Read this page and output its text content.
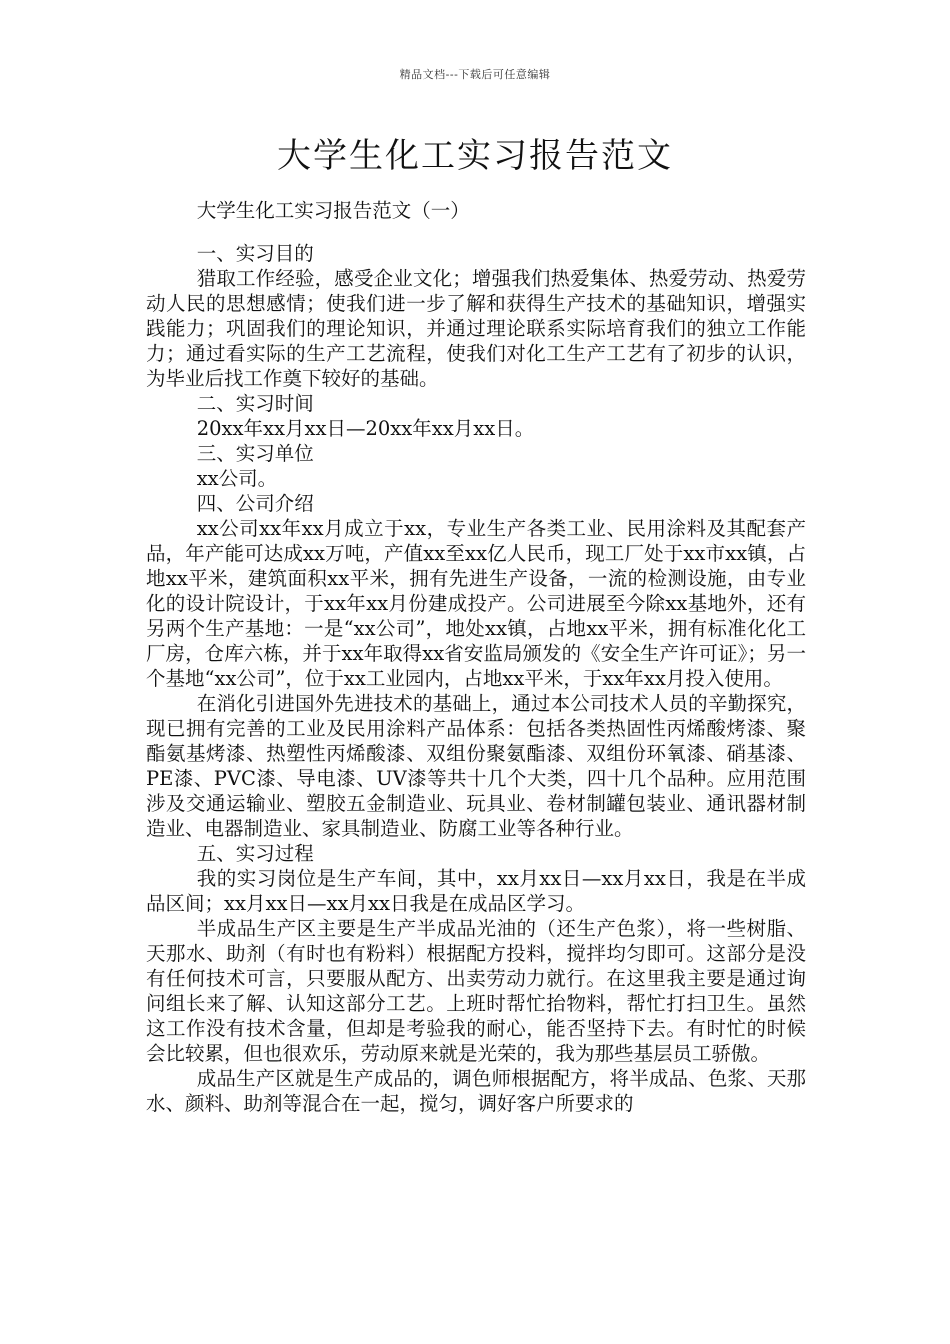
精品文档---下载后可任意编辑
大学生化工实习报告范文

大学生化工实习报告范文（一）

一、实习目的

猎取工作经验，感受企业文化；增强我们热爱集体、热爱劳动、热爱劳动人民的思想感情；使我们进一步了解和获得生产技术的基础知识，增强实践能力；巩固我们的理论知识，并通过理论联系实际培育我们的独立工作能力；通过看实际的生产工艺流程，使我们对化工生产工艺有了初步的认识，为毕业后找工作奠下较好的基础。

二、实习时间

20xx年xx月xx日—20xx年xx月xx日。

三、实习单位

xx公司。

四、公司介绍

xx公司xx年xx月成立于xx，专业生产各类工业、民用涂料及其配套产品，年产能可达成xx万吨，产值xx至xx亿人民币，现工厂处于xx市xx镇，占地xx平米，建筑面积xx平米，拥有先进生产设备，一流的检测设施，由专业化的设计院设计，于xx年xx月份建成投产。公司进展至今除xx基地外，还有另两个生产基地：一是“xx公司”，地处xx镇，占地xx平米，拥有标准化化工厂房，仓库六栋，并于xx年取得xx省安监局颁发的《安全生产许可证》；另一个基地“xx公司”，位于xx工业园内，占地xx平米，于xx年xx月投入使用。

在消化引进国外先进技术的基础上，通过本公司技术人员的辛勤探究，现已拥有完善的工业及民用涂料产品体系：包括各类热固性丙烯酸烤漆、聚酯氨基烤漆、热塑性丙烯酸漆、双组份聚氨酯漆、双组份环氧漆、硝基漆、PE漆、PVC漆、导电漆、UV漆等共十几个大类，四十几个品种。应用范围涉及交通运输业、塑胶五金制造业、玩具业、卷材制罐包装业、通讯器材制造业、电器制造业、家具制造业、防腐工业等各种行业。

五、实习过程

我的实习岗位是生产车间，其中，xx月xx日—xx月xx日，我是在半成品区间；xx月xx日—xx月xx日我是在成品区学习。

半成品生产区主要是生产半成品光油的（还生产色浆），将一些树脂、天那水、助剂（有时也有粉料）根据配方投料，搅拌均匀即可。这部分是没有任何技术可言，只要服从配方、出卖劳动力就行。在这里我主要是通过询问组长来了解、认知这部分工艺。上班时帮忙抬物料，帮忙打扫卫生。虽然这工作没有技术含量，但却是考验我的耐心，能否坚持下去。有时忙的时候会比较累，但也很欢乐，劳动原来就是光荣的，我为那些基层员工骄傲。

成品生产区就是生产成品的，调色师根据配方，将半成品、色浆、天那水、颜料、助剂等混合在一起，搅匀，调好客户所要求的
